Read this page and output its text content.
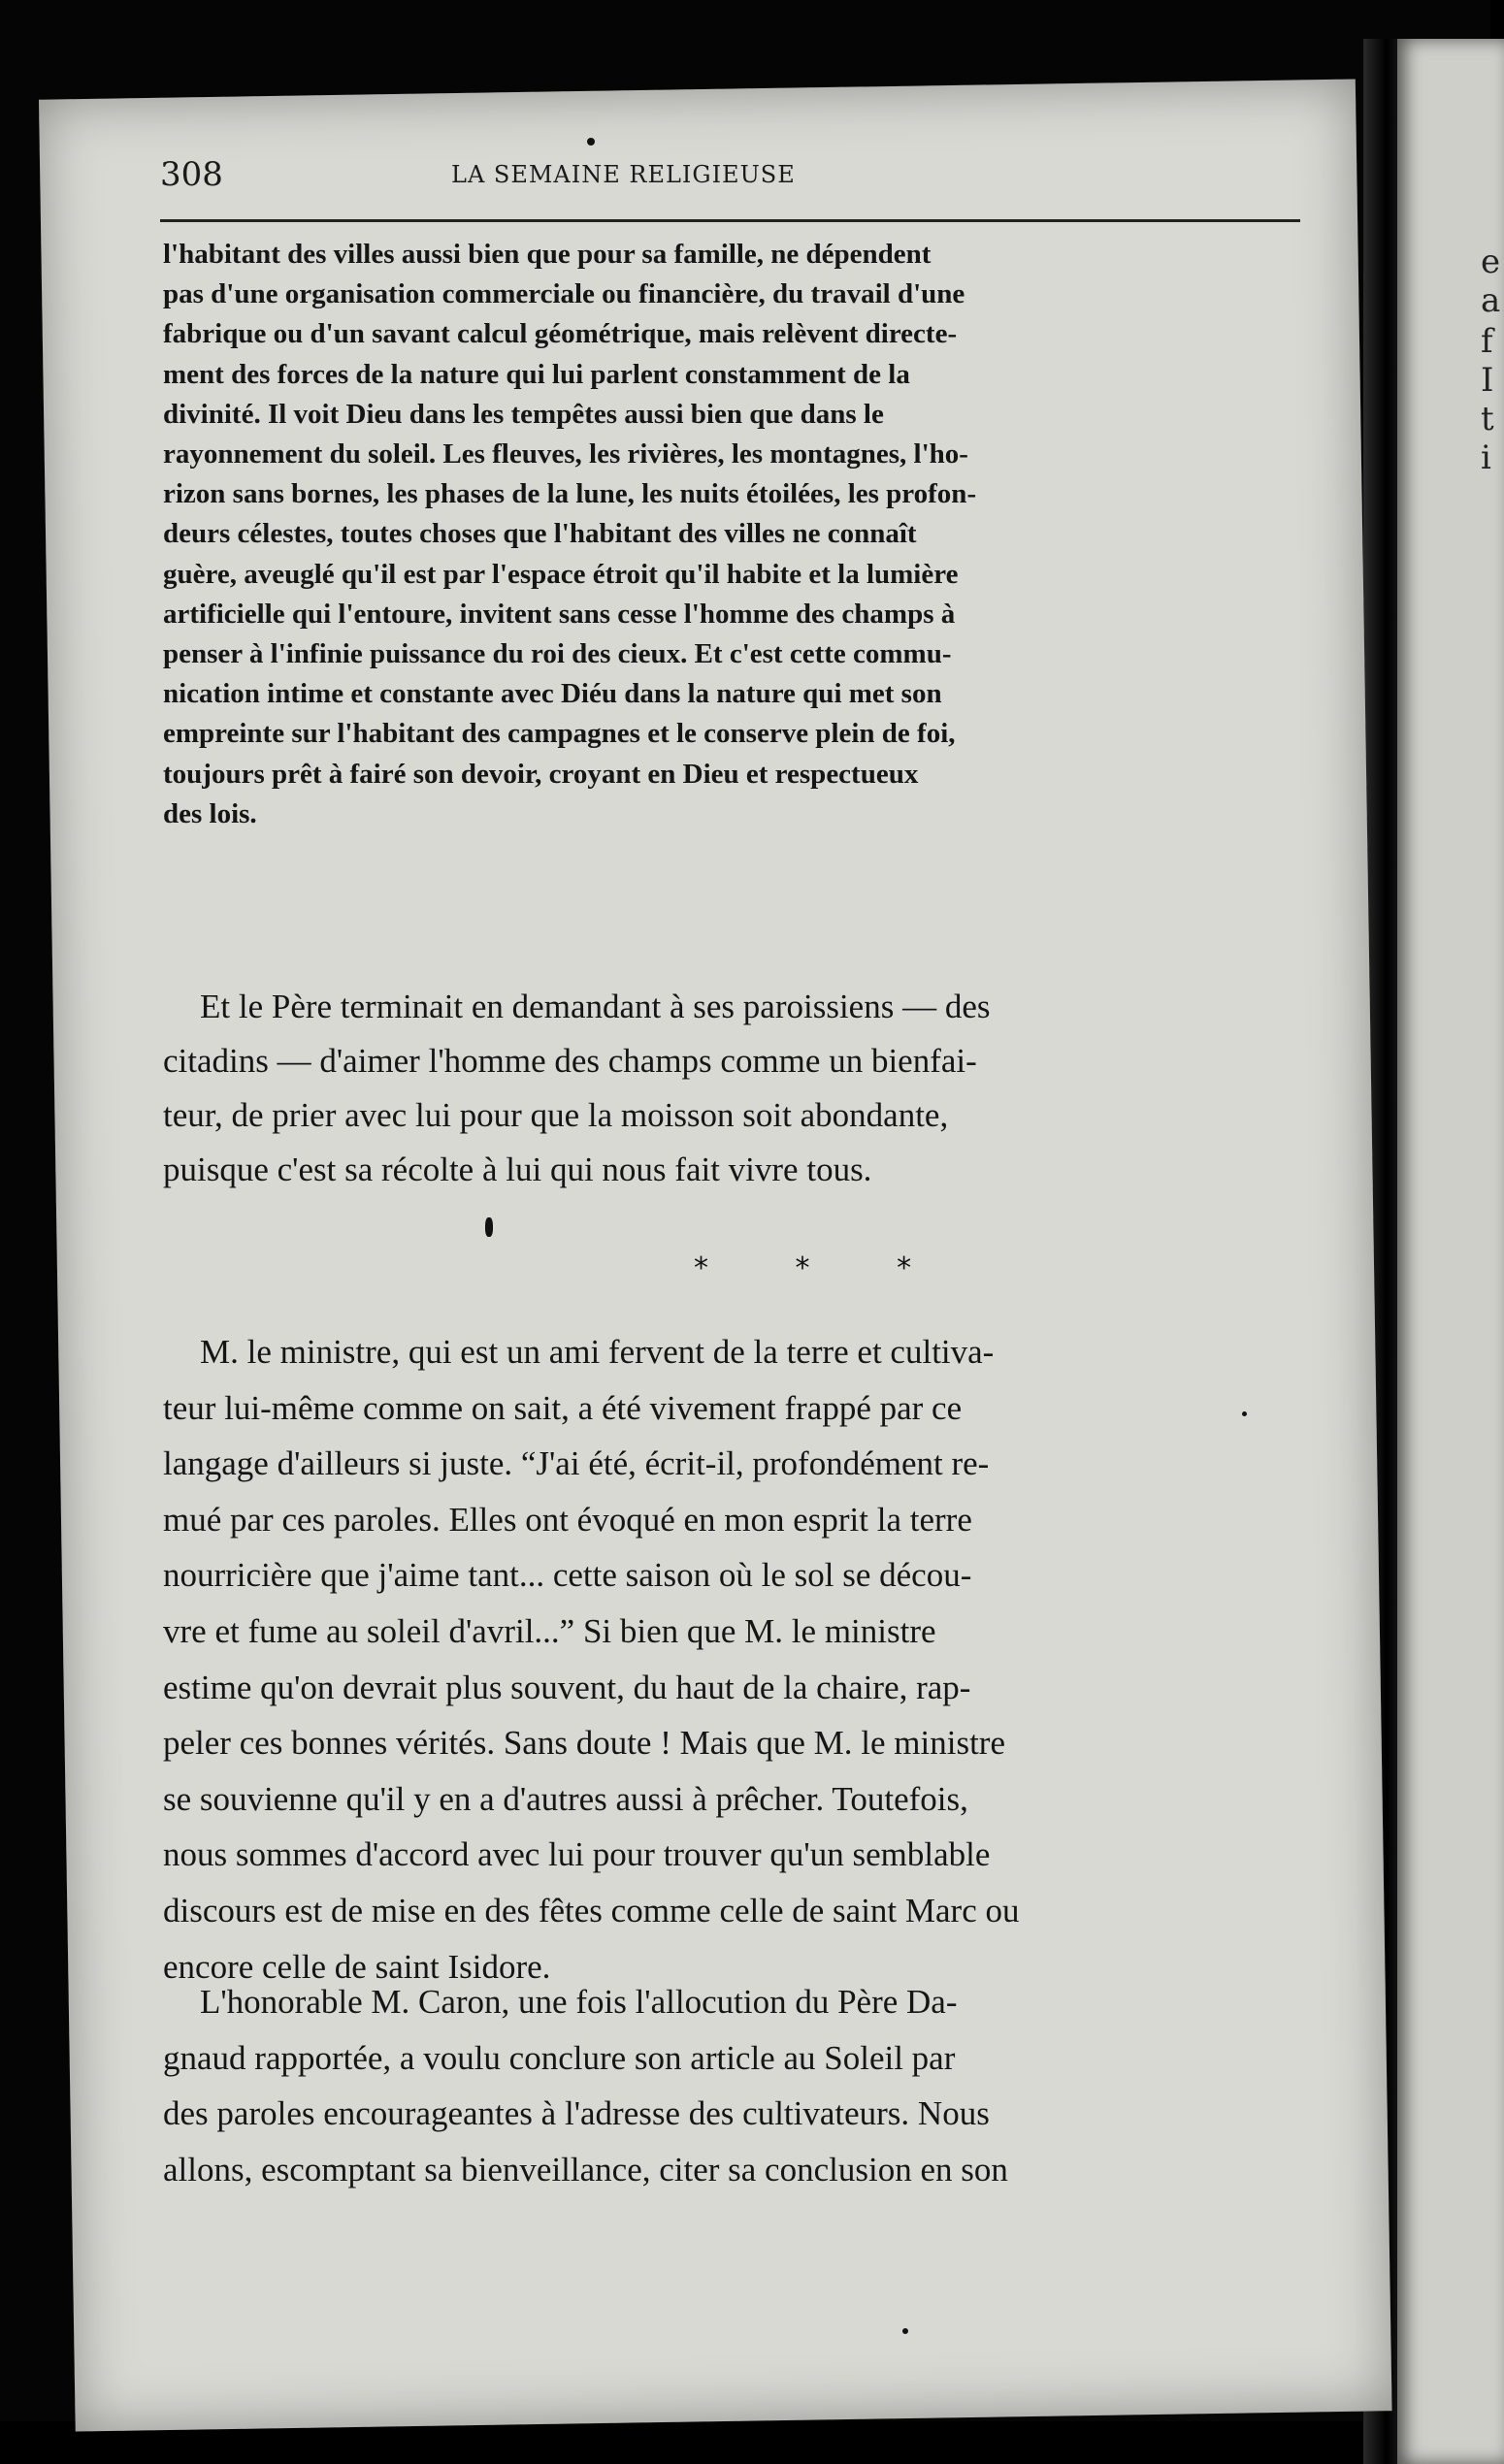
e
a
f
I
t
i
308	LA SEMAINE RELIGIEUSE

l'habitant des villes aussi bien que pour sa famille, ne dépendent
pas d'une organisation commerciale ou financière, du travail d'une
fabrique ou d'un savant calcul géométrique, mais relèvent directe-
ment des forces de la nature qui lui parlent constamment de la
divinité. Il voit Dieu dans les tempêtes aussi bien que dans le
rayonnement du soleil. Les fleuves, les rivières, les montagnes, l'ho-
rizon sans bornes, les phases de la lune, les nuits étoilées, les profon-
deurs célestes, toutes choses que l'habitant des villes ne connaît
guère, aveuglé qu'il est par l'espace étroit qu'il habite et la lumière
artificielle qui l'entoure, invitent sans cesse l'homme des champs à
penser à l'infinie puissance du roi des cieux. Et c'est cette commu-
nication intime et constante avec Diéu dans la nature qui met son
empreinte sur l'habitant des campagnes et le conserve plein de foi,
toujours prêt à fairé son devoir, croyant en Dieu et respectueux
des lois.

Et le Père terminait en demandant à ses paroissiens — des
citadins — d'aimer l'homme des champs comme un bienfai-
teur, de prier avec lui pour que la moisson soit abondante,
puisque c'est sa récolte à lui qui nous fait vivre tous.

* * *

M. le ministre, qui est un ami fervent de la terre et cultiva-
teur lui-même comme on sait, a été vivement frappé par ce
langage d'ailleurs si juste. “J'ai été, écrit-il, profondément re-
mué par ces paroles. Elles ont évoqué en mon esprit la terre
nourricière que j'aime tant... cette saison où le sol se décou-
vre et fume au soleil d'avril...” Si bien que M. le ministre
estime qu'on devrait plus souvent, du haut de la chaire, rap-
peler ces bonnes vérités. Sans doute ! Mais que M. le ministre
se souvienne qu'il y en a d'autres aussi à prêcher. Toutefois,
nous sommes d'accord avec lui pour trouver qu'un semblable
discours est de mise en des fêtes comme celle de saint Marc ou
encore celle de saint Isidore.

L'honorable M. Caron, une fois l'allocution du Père Da-
gnaud rapportée, a voulu conclure son article au Soleil par
des paroles encourageantes à l'adresse des cultivateurs. Nous
allons, escomptant sa bienveillance, citer sa conclusion en son
